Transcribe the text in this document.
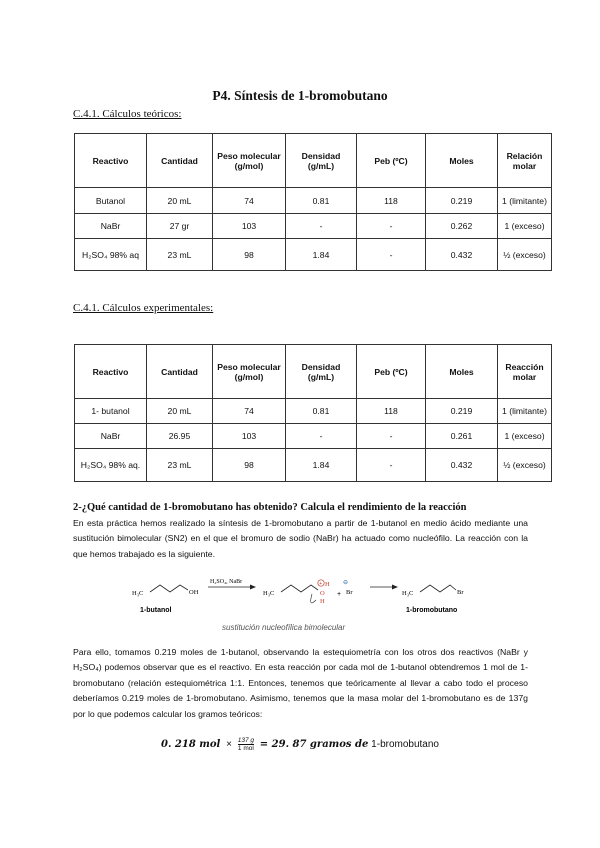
P4. Síntesis de 1-bromobutano
C.4.1. Cálculos teóricos:
Reactivo	Cantidad	Peso molecular (g/mol)	Densidad (g/mL)	Peb (ºC)	Moles	Relación molar
Butanol	20 mL	74	0.81	118	0.219	1 (limitante)
NaBr	27 gr	103	-	-	0.262	1 (exceso)
H₂SO₄ 98% aq	23 mL	98	1.84	-	0.432	½ (exceso)
C.4.1. Cálculos experimentales:
Reactivo	Cantidad	Peso molecular (g/mol)	Densidad (g/mL)	Peb (ºC)	Moles	Reacción molar
1- butanol	20 mL	74	0.81	118	0.219	1 (limitante)
NaBr	26.95	103	-	-	0.261	1 (exceso)
H₂SO₄ 98% aq.	23 mL	98	1.84	-	0.432	½ (exceso)
2-¿Qué cantidad de 1-bromobutano has obtenido? Calcula el rendimiento de la reacción
En esta práctica hemos realizado la síntesis de 1-bromobutano a partir de 1-butanol en medio ácido mediante una sustitución bimolecular (SN2) en el que el bromuro de sodio (NaBr) ha actuado como nucleófilo. La reacción con la que hemos trabajado es la siguiente.
H₃C	OH
1-butanol
H₂SO₄, NaBr
H₃C
+ H
O
H
+
⊖
Br	H₃C	Br
1-bromobutano
sustitución nucleofílica bimolecular
Para ello, tomamos 0.219 moles de 1-butanol, observando la estequiometría con los otros dos reactivos (NaBr y H₂SO₄) podemos observar que es el reactivo. En esta reacción por cada mol de 1-butanol obtendremos 1 mol de 1-bromobutano (relación estequiométrica 1:1. Entonces, tenemos que teóricamente al llevar a cabo todo el proceso deberíamos 0.219 moles de 1-bromobutano. Asimismo, tenemos que la masa molar del 1-bromobutano es de 137g por lo que podemos calcular los gramos teóricos:
0. 218 mol × $\frac{137 g}{\text{1 mol}} = 29$. 87 gramos de 1-bromobutano
